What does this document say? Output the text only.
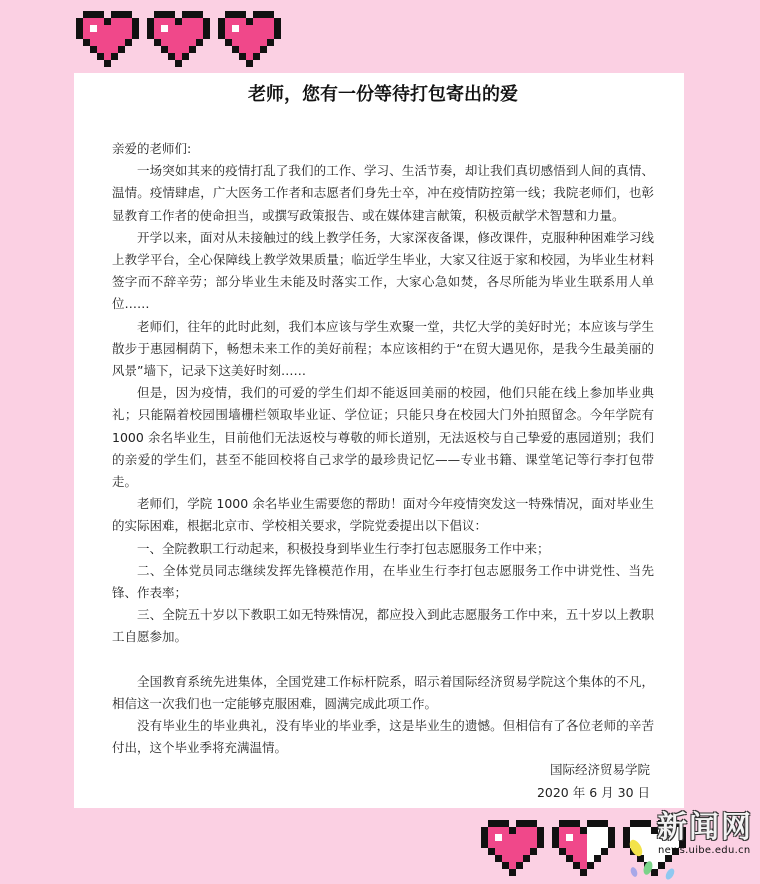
老师，您有一份等待打包寄出的爱

亲爱的老师们:

一场突如其来的疫情打乱了我们的工作、学习、生活节奏，却让我们真切感悟到人间的真情、温情。疫情肆虐，广大医务工作者和志愿者们身先士卒，冲在疫情防控第一线；我院老师们，也彰显教育工作者的使命担当，或撰写政策报告、或在媒体建言献策，积极贡献学术智慧和力量。

开学以来，面对从未接触过的线上教学任务，大家深夜备课，修改课件，克服种种困难学习线上教学平台，全心保障线上教学效果质量；临近学生毕业，大家又往返于家和校园，为毕业生材料签字而不辞辛劳；部分毕业生未能及时落实工作，大家心急如焚，各尽所能为毕业生联系用人单位……

老师们，往年的此时此刻，我们本应该与学生欢聚一堂，共忆大学的美好时光；本应该与学生散步于惠园桐荫下，畅想未来工作的美好前程；本应该相约于“在贸大遇见你，是我今生最美丽的风景”墙下，记录下这美好时刻……

但是，因为疫情，我们的可爱的学生们却不能返回美丽的校园，他们只能在线上参加毕业典礼；只能隔着校园围墙栅栏领取毕业证、学位证；只能只身在校园大门外拍照留念。今年学院有 1000 余名毕业生，目前他们无法返校与尊敬的师长道别，无法返校与自己挚爱的惠园道别；我们的亲爱的学生们，甚至不能回校将自己求学的最珍贵记忆——专业书籍、课堂笔记等行李打包带走。

老师们，学院 1000 余名毕业生需要您的帮助！面对今年疫情突发这一特殊情况，面对毕业生的实际困难，根据北京市、学校相关要求，学院党委提出以下倡议：

一、全院教职工行动起来，积极投身到毕业生行李打包志愿服务工作中来；

二、全体党员同志继续发挥先锋模范作用，在毕业生行李打包志愿服务工作中讲党性、当先锋、作表率；

三、全院五十岁以下教职工如无特殊情况，都应投入到此志愿服务工作中来，五十岁以上教职工自愿参加。

全国教育系统先进集体，全国党建工作标杆院系，昭示着国际经济贸易学院这个集体的不凡，相信这一次我们也一定能够克服困难，圆满完成此项工作。

没有毕业生的毕业典礼，没有毕业的毕业季，这是毕业生的遗憾。但相信有了各位老师的辛苦付出，这个毕业季将充满温情。

国际经济贸易学院

2020 年 6 月 30 日

新闻网
news.uibe.edu.cn
